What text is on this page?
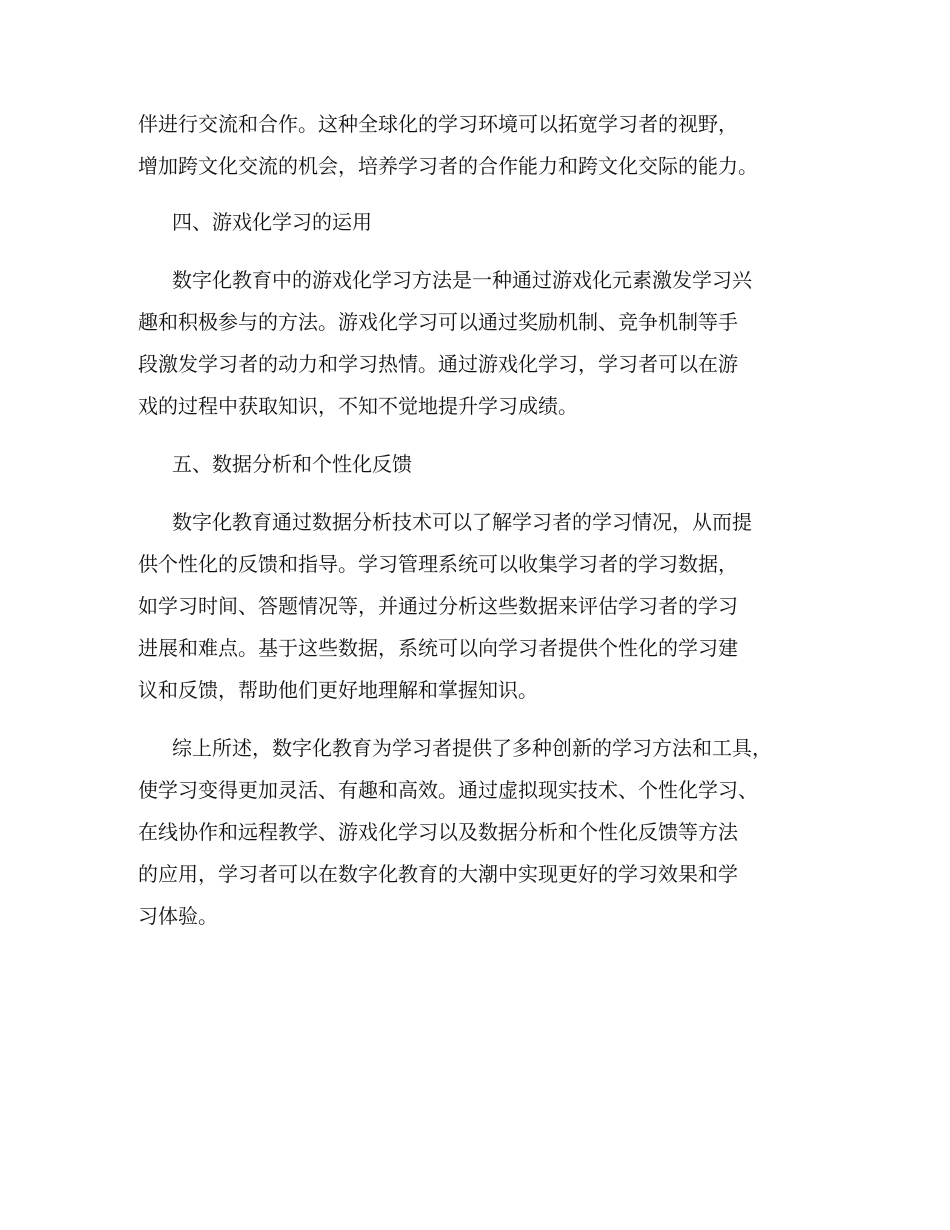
伴进行交流和合作。这种全球化的学习环境可以拓宽学习者的视野，
增加跨文化交流的机会，培养学习者的合作能力和跨文化交际的能力。
四、游戏化学习的运用
数字化教育中的游戏化学习方法是一种通过游戏化元素激发学习兴
趣和积极参与的方法。游戏化学习可以通过奖励机制、竞争机制等手
段激发学习者的动力和学习热情。通过游戏化学习，学习者可以在游
戏的过程中获取知识，不知不觉地提升学习成绩。
五、数据分析和个性化反馈
数字化教育通过数据分析技术可以了解学习者的学习情况，从而提
供个性化的反馈和指导。学习管理系统可以收集学习者的学习数据，
如学习时间、答题情况等，并通过分析这些数据来评估学习者的学习
进展和难点。基于这些数据，系统可以向学习者提供个性化的学习建
议和反馈，帮助他们更好地理解和掌握知识。
综上所述，数字化教育为学习者提供了多种创新的学习方法和工具，
使学习变得更加灵活、有趣和高效。通过虚拟现实技术、个性化学习、
在线协作和远程教学、游戏化学习以及数据分析和个性化反馈等方法
的应用，学习者可以在数字化教育的大潮中实现更好的学习效果和学
习体验。
